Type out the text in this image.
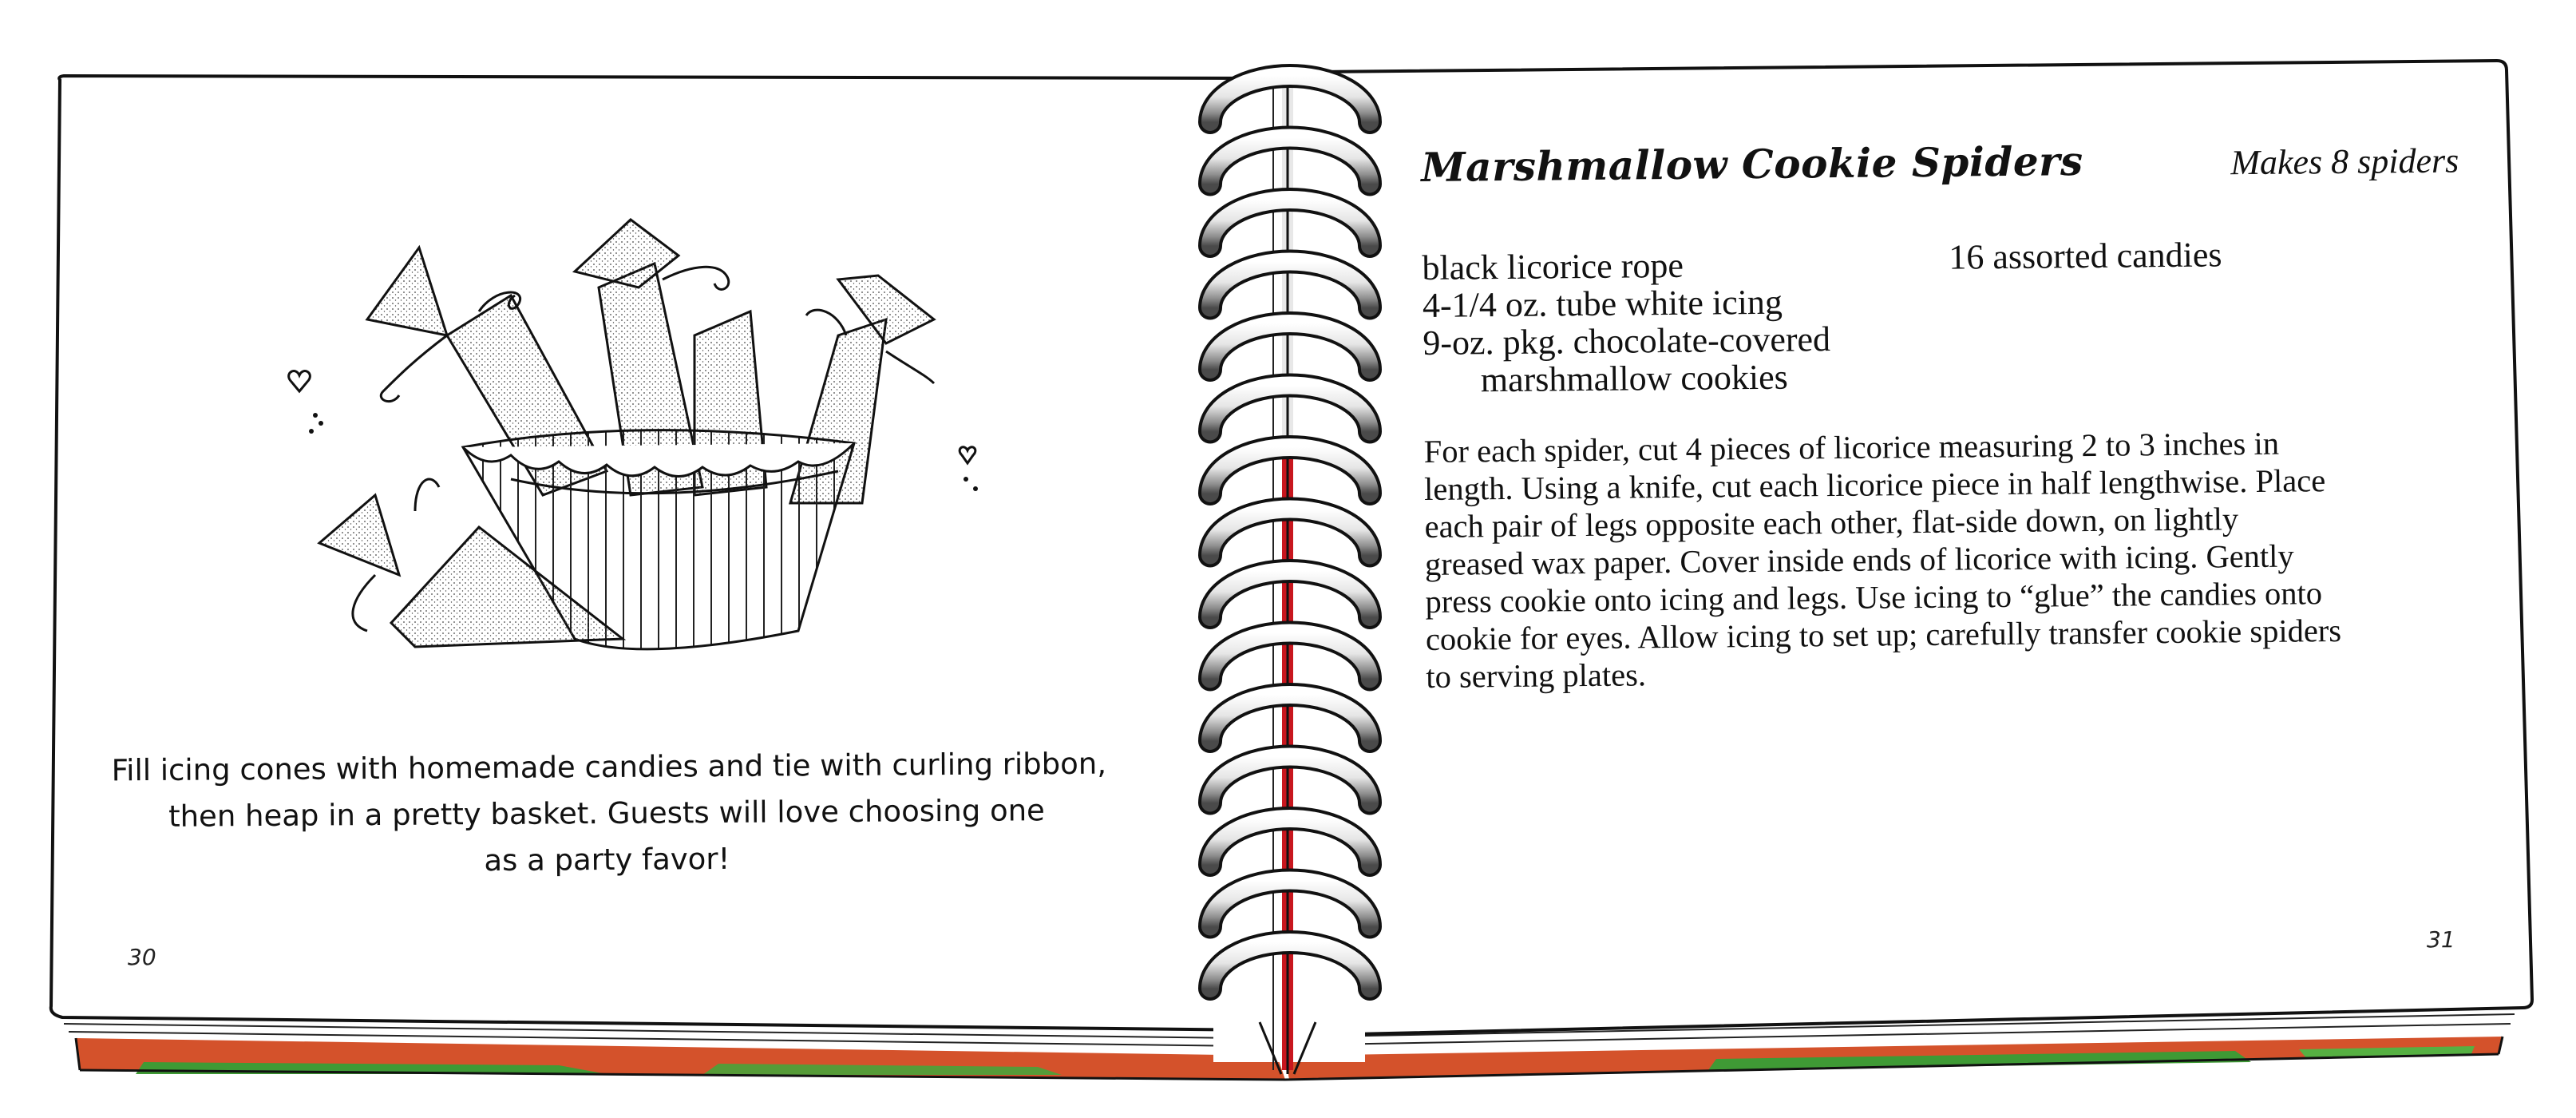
Fill icing cones with homemade candies and tie with curling ribbon,
then heap in a pretty basket. Guests will love choosing one
as a party favor!
30
Marshmallow Cookie Spiders	Makes 8 spiders
black licorice rope
4-1/4 oz. tube white icing
9-oz. pkg. chocolate-covered
marshmallow cookies
16 assorted candies
For each spider, cut 4 pieces of licorice measuring 2 to 3 inches in
length. Using a knife, cut each licorice piece in half lengthwise. Place
each pair of legs opposite each other, flat-side down, on lightly
greased wax paper. Cover inside ends of licorice with icing. Gently
press cookie onto icing and legs. Use icing to “glue” the candies onto
cookie for eyes. Allow icing to set up; carefully transfer cookie spiders
to serving plates.
31
